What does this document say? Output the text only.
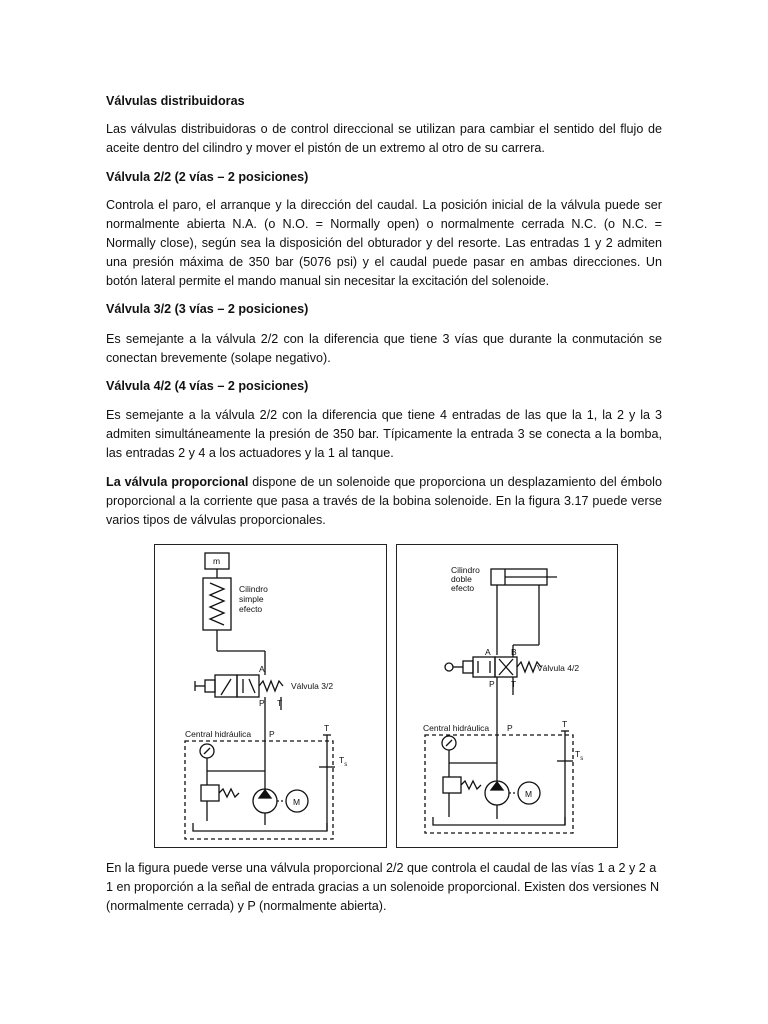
Válvulas distribuidoras

Las válvulas distribuidoras o de control direccional se utilizan para cambiar el sentido del flujo de aceite dentro del cilindro y mover el pistón de un extremo al otro de su carrera.

Válvula 2/2 (2 vías – 2 posiciones)

Controla el paro, el arranque y la dirección del caudal. La posición inicial de la válvula puede ser normalmente abierta N.A. (o N.O. = Normally open) o normalmente cerrada N.C. (o N.C. = Normally close), según sea la disposición del obturador y del resorte. Las entradas 1 y 2 admiten una presión máxima de 350 bar (5076 psi) y el caudal puede pasar en ambas direcciones. Un botón lateral permite el mando manual sin necesitar la excitación del solenoide.

Válvula 3/2 (3 vías – 2 posiciones)

Es semejante a la válvula 2/2 con la diferencia que tiene 3 vías que durante la conmutación se conectan brevemente (solape negativo).

Válvula 4/2 (4 vías – 2 posiciones)

Es semejante a la válvula 2/2 con la diferencia que tiene 4 entradas de las que la 1, la 2 y la 3 admiten simultáneamente la presión de 350 bar. Típicamente la entrada 3 se conecta a la bomba, las entradas 2 y 4 a los actuadores y la 1 al tanque.

La válvula proporcional dispone de un solenoide que proporciona un desplazamiento del émbolo proporcional a la corriente que pasa a través de la bobina solenoide. En la figura 3.17 puede verse varios tipos de válvulas proporcionales.

m
Cilindro
simple
efecto
A
P T
Válvula 3/2
Central hidráulica P
T
$T_s$
M
Cilindro
doble
efecto
A B
P T
Válvula 4/2
Central hidráulica P	T
$T_s$
M

En la figura puede verse una válvula proporcional 2/2 que controla el caudal de las vías 1 a 2 y 2 a 1 en proporción a la señal de entrada gracias a un solenoide proporcional. Existen dos versiones N (normalmente cerrada) y P (normalmente abierta).
